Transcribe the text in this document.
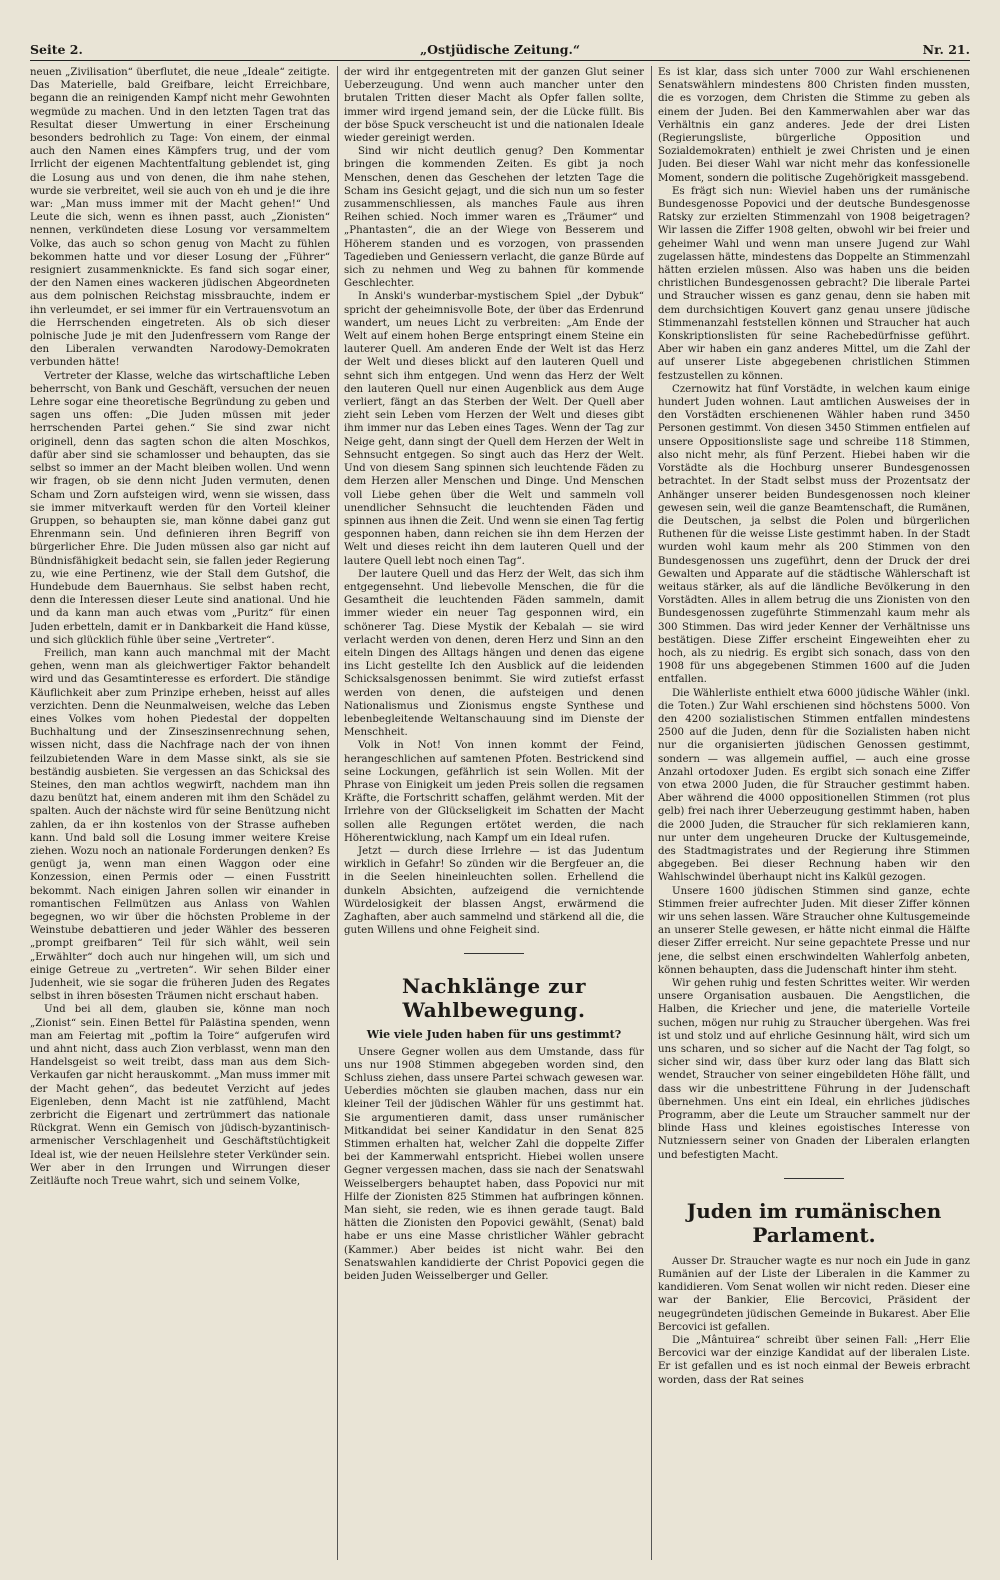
Seite 2.	„Ostjüdische Zeitung.“	Nr. 21.

neuen „Zivilisation“ überflutet, die neue „Ideale“ zeitigte. Das Materielle, bald Greifbare, leicht Erreichbare, begann die an reinigenden Kampf nicht mehr Gewohnten wegmüde zu machen. Und in den letzten Tagen trat das Resultat dieser Umwertung in einer Erscheinung besonders bedrohlich zu Tage: Von einem, der einmal auch den Namen eines Kämpfers trug, und der vom Irrlicht der eigenen Machtentfaltung geblendet ist, ging die Losung aus und von denen, die ihm nahe stehen, wurde sie verbreitet, weil sie auch von eh und je die ihre war: „Man muss immer mit der Macht gehen!“ Und Leute die sich, wenn es ihnen passt, auch „Zionisten“ nennen, verkündeten diese Losung vor versammeltem Volke, das auch so schon genug von Macht zu fühlen bekommen hatte und vor dieser Losung der „Führer“ resigniert zusammenknickte. Es fand sich sogar einer, der den Namen eines wackeren jüdischen Abgeordneten aus dem polnischen Reichstag missbrauchte, indem er ihn verleumdet, er sei immer für ein Vertrauensvotum an die Herrschenden eingetreten. Als ob sich dieser polnische Jude je mit den Judenfressern vom Range der den Liberalen verwandten Narodowy-Demokraten verbunden hätte!

Vertreter der Klasse, welche das wirtschaftliche Leben beherrscht, von Bank und Geschäft, versuchen der neuen Lehre sogar eine theoretische Begründung zu geben und sagen uns offen: „Die Juden müssen mit jeder herrschenden Partei gehen.“ Sie sind zwar nicht originell, denn das sagten schon die alten Moschkos, dafür aber sind sie schamlosser und behaupten, das sie selbst so immer an der Macht bleiben wollen. Und wenn wir fragen, ob sie denn nicht Juden vermuten, denen Scham und Zorn aufsteigen wird, wenn sie wissen, dass sie immer mitverkauft werden für den Vorteil kleiner Gruppen, so behaupten sie, man könne dabei ganz gut Ehrenmann sein. Und definieren ihren Begriff von bürgerlicher Ehre. Die Juden müssen also gar nicht auf Bündnisfähigkeit bedacht sein, sie fallen jeder Regierung zu, wie eine Pertinenz, wie der Stall dem Gutshof, die Hundebude dem Bauernhaus. Sie selbst haben recht, denn die Interessen dieser Leute sind anational. Und hie und da kann man auch etwas vom „Puritz“ für einen Juden erbetteln, damit er in Dankbarkeit die Hand küsse, und sich glücklich fühle über seine „Vertreter“.

Freilich, man kann auch manchmal mit der Macht gehen, wenn man als gleichwertiger Faktor behandelt wird und das Gesamtinteresse es erfordert. Die ständige Käuflichkeit aber zum Prinzipe erheben, heisst auf alles verzichten. Denn die Neunmalweisen, welche das Leben eines Volkes vom hohen Piedestal der doppelten Buchhaltung und der Zinseszinsenrechnung sehen, wissen nicht, dass die Nachfrage nach der von ihnen feilzubietenden Ware in dem Masse sinkt, als sie sie beständig ausbieten. Sie vergessen an das Schicksal des Steines, den man achtlos wegwirft, nachdem man ihn dazu benützt hat, einem anderen mit ihm den Schädel zu spalten. Auch der nächste wird für seine Benützung nicht zahlen, da er ihn kostenlos von der Strasse aufheben kann. Und bald soll die Losung immer weitere Kreise ziehen. Wozu noch an nationale Forderungen denken? Es genügt ja, wenn man einen Waggon oder eine Konzession, einen Permis oder — einen Fusstritt bekommt. Nach einigen Jahren sollen wir einander in romantischen Fellmützen aus Anlass von Wahlen begegnen, wo wir über die höchsten Probleme in der Weinstube debattieren und jeder Wähler des besseren „prompt greifbaren“ Teil für sich wählt, weil sein „Erwählter“ doch auch nur hingehen will, um sich und einige Getreue zu „vertreten“. Wir sehen Bilder einer Judenheit, wie sie sogar die früheren Juden des Regates selbst in ihren bösesten Träumen nicht erschaut haben.

Und bei all dem, glauben sie, könne man noch „Zionist“ sein. Einen Bettel für Palästina spenden, wenn man am Feiertag mit „poftim la Toire“ aufgerufen wird und ahnt nicht, dass auch Zion verblasst, wenn man den Handelsgeist so weit treibt, dass man aus dem Sich-Verkaufen gar nicht herauskommt. „Man muss immer mit der Macht gehen“, das bedeutet Verzicht auf jedes Eigenleben, denn Macht ist nie zatfühlend, Macht zerbricht die Eigenart und zertrümmert das nationale Rückgrat. Wenn ein Gemisch von jüdisch-byzantinisch-armenischer Verschlagenheit und Geschäftstüchtigkeit Ideal ist, wie der neuen Heilslehre steter Verkünder sein. Wer aber in den Irrungen und Wirrungen dieser Zeitläufte noch Treue wahrt, sich und seinem Volke,

der wird ihr entgegentreten mit der ganzen Glut seiner Ueberzeugung. Und wenn auch mancher unter den brutalen Tritten dieser Macht als Opfer fallen sollte, immer wird irgend jemand sein, der die Lücke füllt. Bis der böse Spuck verscheucht ist und die nationalen Ideale wieder gereinigt werden.

Sind wir nicht deutlich genug? Den Kommentar bringen die kommenden Zeiten. Es gibt ja noch Menschen, denen das Geschehen der letzten Tage die Scham ins Gesicht gejagt, und die sich nun um so fester zusammenschliessen, als manches Faule aus ihren Reihen schied. Noch immer waren es „Träumer“ und „Phantasten“, die an der Wiege von Besserem und Höherem standen und es vorzogen, von prassenden Tagedieben und Geniessern verlacht, die ganze Bürde auf sich zu nehmen und Weg zu bahnen für kommende Geschlechter.

In Anski's wunderbar-mystischem Spiel „der Dybuk“ spricht der geheimnisvolle Bote, der über das Erdenrund wandert, um neues Licht zu verbreiten: „Am Ende der Welt auf einem hohen Berge entspringt einem Steine ein lauterer Quell. Am anderen Ende der Welt ist das Herz der Welt und dieses blickt auf den lauteren Quell und sehnt sich ihm entgegen. Und wenn das Herz der Welt den lauteren Quell nur einen Augenblick aus dem Auge verliert, fängt an das Sterben der Welt. Der Quell aber zieht sein Leben vom Herzen der Welt und dieses gibt ihm immer nur das Leben eines Tages. Wenn der Tag zur Neige geht, dann singt der Quell dem Herzen der Welt in Sehnsucht entgegen. So singt auch das Herz der Welt. Und von diesem Sang spinnen sich leuchtende Fäden zu dem Herzen aller Menschen und Dinge. Und Menschen voll Liebe gehen über die Welt und sammeln voll unendlicher Sehnsucht die leuchtenden Fäden und spinnen aus ihnen die Zeit. Und wenn sie einen Tag fertig gesponnen haben, dann reichen sie ihn dem Herzen der Welt und dieses reicht ihn dem lauteren Quell und der lautere Quell lebt noch einen Tag“.

Der lautere Quell und das Herz der Welt, das sich ihm entgegensehnt. Und liebevolle Menschen, die für die Gesamtheit die leuchtenden Fäden sammeln, damit immer wieder ein neuer Tag gesponnen wird, ein schönerer Tag. Diese Mystik der Kebalah — sie wird verlacht werden von denen, deren Herz und Sinn an den eiteln Dingen des Alltags hängen und denen das eigene ins Licht gestellte Ich den Ausblick auf die leidenden Schicksalsgenossen benimmt. Sie wird zutiefst erfasst werden von denen, die aufsteigen und denen Nationalismus und Zionismus engste Synthese und lebenbegleitende Weltanschauung sind im Dienste der Menschheit.

Volk in Not! Von innen kommt der Feind, herangeschlichen auf samtenen Pfoten. Bestrickend sind seine Lockungen, gefährlich ist sein Wollen. Mit der Phrase von Einigkeit um jeden Preis sollen die regsamen Kräfte, die Fortschritt schaffen, gelähmt werden. Mit der Irrlehre von der Glückseligkeit im Schatten der Macht sollen alle Regungen ertötet werden, die nach Höherentwicklung, nach Kampf um ein Ideal rufen.

Jetzt — durch diese Irrlehre — ist das Judentum wirklich in Gefahr! So zünden wir die Bergfeuer an, die in die Seelen hineinleuchten sollen. Erhellend die dunkeln Absichten, aufzeigend die vernichtende Würdelosigkeit der blassen Angst, erwärmend die Zaghaften, aber auch sammelnd und stärkend all die, die guten Willens und ohne Feigheit sind.

Nachklänge zur Wahlbewegung.
Wie viele Juden haben für uns gestimmt?

Unsere Gegner wollen aus dem Umstande, dass für uns nur 1908 Stimmen abgegeben worden sind, den Schluss ziehen, dass unsere Partei schwach gewesen war. Ueberdies möchten sie glauben machen, dass nur ein kleiner Teil der jüdischen Wähler für uns gestimmt hat. Sie argumentieren damit, dass unser rumänischer Mitkandidat bei seiner Kandidatur in den Senat 825 Stimmen erhalten hat, welcher Zahl die doppelte Ziffer bei der Kammerwahl entspricht. Hiebei wollen unsere Gegner vergessen machen, dass sie nach der Senatswahl Weisselbergers behauptet haben, dass Popovici nur mit Hilfe der Zionisten 825 Stimmen hat aufbringen können. Man sieht, sie reden, wie es ihnen gerade taugt. Bald hätten die Zionisten den Popovici gewählt, (Senat) bald habe er uns eine Masse christlicher Wähler gebracht (Kammer.) Aber beides ist nicht wahr. Bei den Senatswahlen kandidierte der Christ Popovici gegen die beiden Juden Weisselberger und Geller.

Es ist klar, dass sich unter 7000 zur Wahl erschienenen Senatswählern mindestens 800 Christen finden mussten, die es vorzogen, dem Christen die Stimme zu geben als einem der Juden. Bei den Kammerwahlen aber war das Verhältnis ein ganz anderes. Jede der drei Listen (Regierungsliste, bürgerliche Opposition und Sozialdemokraten) enthielt je zwei Christen und je einen Juden. Bei dieser Wahl war nicht mehr das konfessionelle Moment, sondern die politische Zugehörigkeit massgebend.

Es frägt sich nun: Wieviel haben uns der rumänische Bundesgenosse Popovici und der deutsche Bundesgenosse Ratsky zur erzielten Stimmenzahl von 1908 beigetragen? Wir lassen die Ziffer 1908 gelten, obwohl wir bei freier und geheimer Wahl und wenn man unsere Jugend zur Wahl zugelassen hätte, mindestens das Doppelte an Stimmenzahl hätten erzielen müssen. Also was haben uns die beiden christlichen Bundesgenossen gebracht? Die liberale Partei und Straucher wissen es ganz genau, denn sie haben mit dem durchsichtigen Kouvert ganz genau unsere jüdische Stimmenanzahl feststellen können und Straucher hat auch Konskriptionslisten für seine Rachebedürfnisse geführt. Aber wir haben ein ganz anderes Mittel, um die Zahl der auf unserer Liste abgegebenen christlichen Stimmen festzustellen zu können.

Czernowitz hat fünf Vorstädte, in welchen kaum einige hundert Juden wohnen. Laut amtlichen Ausweises der in den Vorstädten erschienenen Wähler haben rund 3450 Personen gestimmt. Von diesen 3450 Stimmen entfielen auf unsere Oppositionsliste sage und schreibe 118 Stimmen, also nicht mehr, als fünf Perzent. Hiebei haben wir die Vorstädte als die Hochburg unserer Bundesgenossen betrachtet. In der Stadt selbst muss der Prozentsatz der Anhänger unserer beiden Bundesgenossen noch kleiner gewesen sein, weil die ganze Beamtenschaft, die Rumänen, die Deutschen, ja selbst die Polen und bürgerlichen Ruthenen für die weisse Liste gestimmt haben. In der Stadt wurden wohl kaum mehr als 200 Stimmen von den Bundesgenossen uns zugeführt, denn der Druck der drei Gewalten und Apparate auf die städtische Wählerschaft ist weitaus stärker, als auf die ländliche Bevölkerung in den Vorstädten. Alles in allem betrug die uns Zionisten von den Bundesgenossen zugeführte Stimmenzahl kaum mehr als 300 Stimmen. Das wird jeder Kenner der Verhältnisse uns bestätigen. Diese Ziffer erscheint Eingeweihten eher zu hoch, als zu niedrig. Es ergibt sich sonach, dass von den 1908 für uns abgegebenen Stimmen 1600 auf die Juden entfallen.

Die Wählerliste enthielt etwa 6000 jüdische Wähler (inkl. die Toten.) Zur Wahl erschienen sind höchstens 5000. Von den 4200 sozialistischen Stimmen entfallen mindestens 2500 auf die Juden, denn für die Sozialisten haben nicht nur die organisierten jüdischen Genossen gestimmt, sondern — was allgemein auffiel, — auch eine grosse Anzahl ortodoxer Juden. Es ergibt sich sonach eine Ziffer von etwa 2000 Juden, die für Straucher gestimmt haben. Aber während die 4000 oppositionellen Stimmen (rot plus gelb) frei nach ihrer Ueberzeugung gestimmt haben, haben die 2000 Juden, die Straucher für sich reklamieren kann, nur unter dem ungeheuren Drucke der Kultusgemeinde, des Stadtmagistrates und der Regierung ihre Stimmen abgegeben. Bei dieser Rechnung haben wir den Wahlschwindel überhaupt nicht ins Kalkül gezogen.

Unsere 1600 jüdischen Stimmen sind ganze, echte Stimmen freier aufrechter Juden. Mit dieser Ziffer können wir uns sehen lassen. Wäre Straucher ohne Kultusgemeinde an unserer Stelle gewesen, er hätte nicht einmal die Hälfte dieser Ziffer erreicht. Nur seine gepachtete Presse und nur jene, die selbst einen erschwindelten Wahlerfolg anbeten, können behaupten, dass die Judenschaft hinter ihm steht.

Wir gehen ruhig und festen Schrittes weiter. Wir werden unsere Organisation ausbauen. Die Aengstlichen, die Halben, die Kriecher und jene, die materielle Vorteile suchen, mögen nur ruhig zu Straucher übergehen. Was frei ist und stolz und auf ehrliche Gesinnung hält, wird sich um uns scharen, und so sicher auf die Nacht der Tag folgt, so sicher sind wir, dass über kurz oder lang das Blatt sich wendet, Straucher von seiner eingebildeten Höhe fällt, und dass wir die unbestrittene Führung in der Judenschaft übernehmen. Uns eint ein Ideal, ein ehrliches jüdisches Programm, aber die Leute um Straucher sammelt nur der blinde Hass und kleines egoistisches Interesse von Nutzniessern seiner von Gnaden der Liberalen erlangten und befestigten Macht.

Juden im rumänischen Parlament.

Ausser Dr. Straucher wagte es nur noch ein Jude in ganz Rumänien auf der Liste der Liberalen in die Kammer zu kandidieren. Vom Senat wollen wir nicht reden. Dieser eine war der Bankier, Elie Bercovici, Präsident der neugegründeten jüdischen Gemeinde in Bukarest. Aber Elie Bercovici ist gefallen.

Die „Mântuirea“ schreibt über seinen Fall: „Herr Elie Bercovici war der einzige Kandidat auf der liberalen Liste. Er ist gefallen und es ist noch einmal der Beweis erbracht worden, dass der Rat seines
